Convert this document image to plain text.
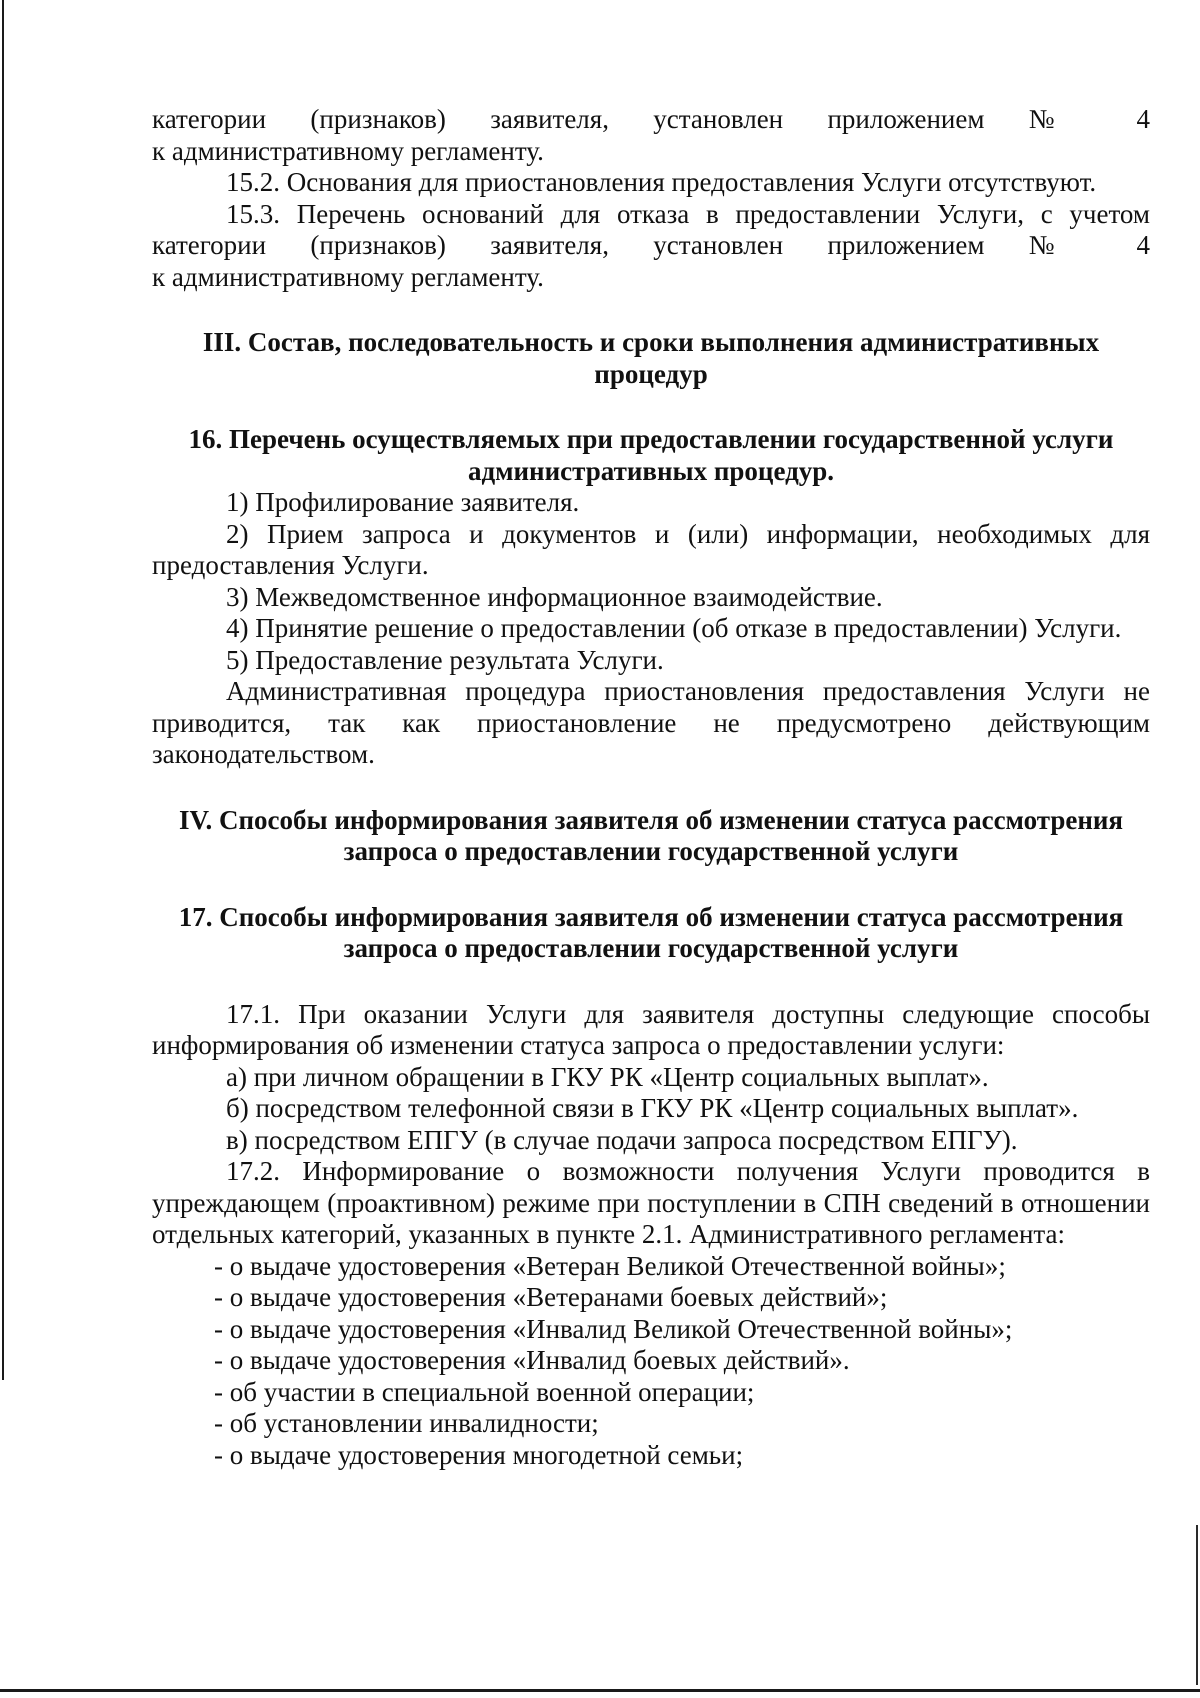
категории (признаков) заявителя, установлен приложением № 4

к административному регламенту.

15.2. Основания для приостановления предоставления Услуги отсутствуют.

15.3. Перечень оснований для отказа в предоставлении Услуги, с учетом

категории (признаков) заявителя, установлен приложением № 4

к административному регламенту.

III. Состав, последовательность и сроки выполнения административных процедур
16. Перечень осуществляемых при предоставлении государственной услуги административных процедур.

1) Профилирование заявителя.

2) Прием запроса и документов и (или) информации, необходимых для предоставления Услуги.

3) Межведомственное информационное взаимодействие.

4) Принятие решение о предоставлении (об отказе в предоставлении) Услуги.

5) Предоставление результата Услуги.

Административная процедура приостановления предоставления Услуги не приводится, так как приостановление не предусмотрено действующим законодательством.

IV. Способы информирования заявителя об изменении статуса рассмотрения запроса о предоставлении государственной услуги
17. Способы информирования заявителя об изменении статуса рассмотрения запроса о предоставлении государственной услуги

17.1. При оказании Услуги для заявителя доступны следующие способы информирования об изменении статуса запроса о предоставлении услуги:

а) при личном обращении в ГКУ РК «Центр социальных выплат».

б) посредством телефонной связи в ГКУ РК «Центр социальных выплат».

в) посредством ЕПГУ (в случае подачи запроса посредством ЕПГУ).

17.2. Информирование о возможности получения Услуги проводится в упреждающем (проактивном) режиме при поступлении в СПН сведений в отношении отдельных категорий, указанных в пункте 2.1. Административного регламента:

- о выдаче удостоверения «Ветеран Великой Отечественной войны»;

- о выдаче удостоверения «Ветеранами боевых действий»;

- о выдаче удостоверения «Инвалид Великой Отечественной войны»;

- о выдаче удостоверения «Инвалид боевых действий».

- об участии в специальной военной операции;

- об установлении инвалидности;

- о выдаче удостоверения многодетной семьи;
